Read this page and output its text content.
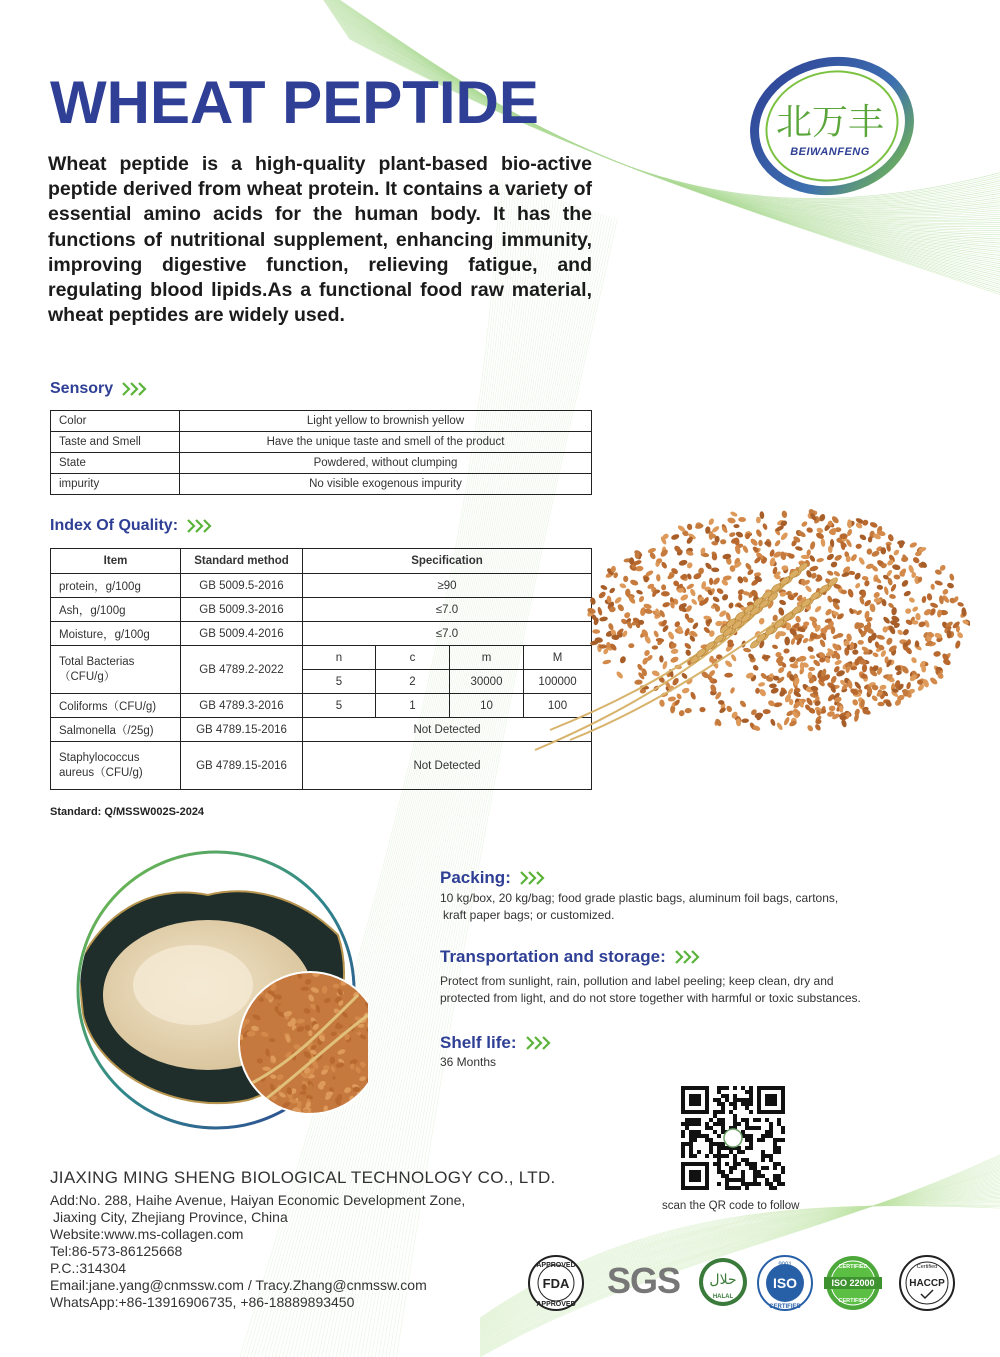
WHEAT PEPTIDE
Wheat peptide is a high-quality plant-based bio-active peptide derived from wheat protein. It contains a variety of essential amino acids for the human body. It has the functions of nutritional supplement, enhancing immunity, improving digestive function, relieving fatigue, and regulating blood lipids.As a functional food raw material, wheat peptides are widely used.
北万丰
BEIWANFENG
Sensory
Color	Light yellow to brownish yellow
Taste and Smell	Have the unique taste and smell of the product
State	Powdered, without clumping
impurity	No visible exogenous impurity
Index Of Quality:
Item	Standard method	Specification			
protein，g/100g	GB 5009.5-2016	≥90			
Ash，g/100g	GB 5009.3-2016	≤7.0			
Moisture，g/100g	GB 5009.4-2016	≤7.0			

Total Bacterias
（CFU/g）	GB 4789.2-2022	n	c	m	M
		5	2	30000	100000
Coliforms（CFU/g)	GB 4789.3-2016	5	1	10	100
Salmonella（/25g)	GB 4789.15-2016	Not Detected			

Staphylococcus
aureus（CFU/g)	GB 4789.15-2016	Not Detected			
Standard: Q/MSSW002S-2024
Packing:
10 kg/box, 20 kg/bag; food grade plastic bags, aluminum foil bags, cartons,
kraft paper bags; or customized.
Transportation and storage:
Protect from sunlight, rain, pollution and label peeling; keep clean, dry and
protected from light, and do not store together with harmful or toxic substances.
Shelf life:
36 Months
scan the QR code to follow
JIAXING MING SHENG BIOLOGICAL TECHNOLOGY CO., LTD.
Add:No. 288, Haihe Avenue, Haiyan Economic Development Zone,
Jiaxing City, Zhejiang Province, China
Website:www.ms-collagen.com
Tel:86-573-86125668
P.C.:314304
Email:jane.yang@cnmssw.com / Tracy.Zhang@cnmssw.com
WhatsApp:+86-13916906735, +86-18889893450
APPROVED
FDA
APPROVED
SGS حلال
HALAL
9001
ISO
CERTIFIED
CERTIFIED
ISO 22000
CERTIFIED
Certified
HACCP
